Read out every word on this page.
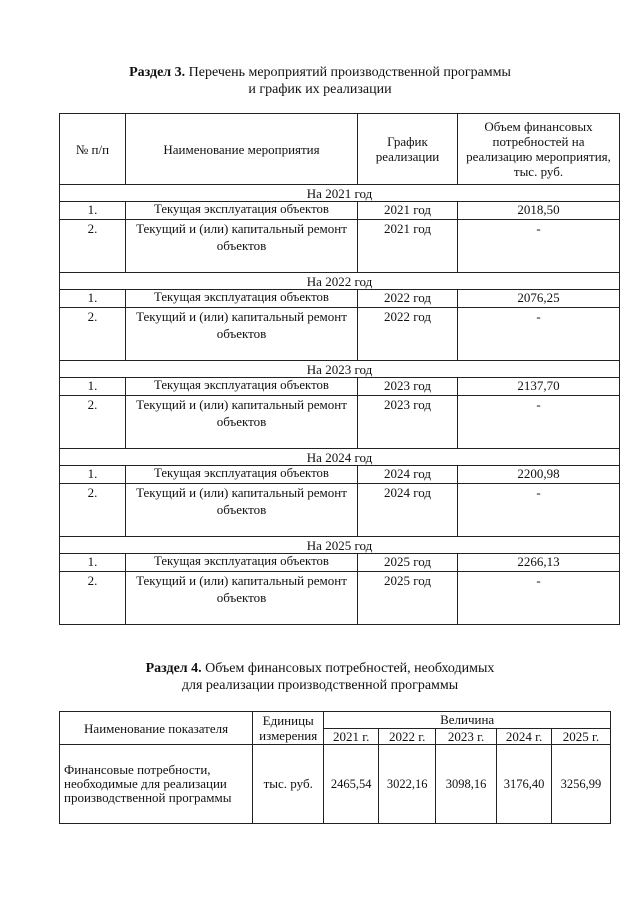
Раздел 3. Перечень мероприятий производственной программы
и график их реализации
№ п/п	Наименование мероприятия	График реализации	Объем финансовых потребностей на реализацию мероприятия, тыс. руб.
На 2021 год			
1.	Текущая эксплуатация объектов	2021 год	2018,50
2.	Текущий и (или) капитальный ремонт объектов	2021 год	-
На 2022 год			
1.	Текущая эксплуатация объектов	2022 год	2076,25
2.	Текущий и (или) капитальный ремонт объектов	2022 год	-
На 2023 год			
1.	Текущая эксплуатация объектов	2023 год	2137,70
2.	Текущий и (или) капитальный ремонт объектов	2023 год	-
На 2024 год			
1.	Текущая эксплуатация объектов	2024 год	2200,98
2.	Текущий и (или) капитальный ремонт объектов	2024 год	-
На 2025 год			
1.	Текущая эксплуатация объектов	2025 год	2266,13
2.	Текущий и (или) капитальный ремонт объектов	2025 год	-
Раздел 4. Объем финансовых потребностей, необходимых
для реализации производственной программы
Наименование показателя	Единицы измерения	Величина				
		2021 г.	2022 г.	2023 г.	2024 г.	2025 г.
Финансовые потребности, необходимые для реализации производственной программы	тыс. руб.	2465,54	3022,16	3098,16	3176,40	3256,99
